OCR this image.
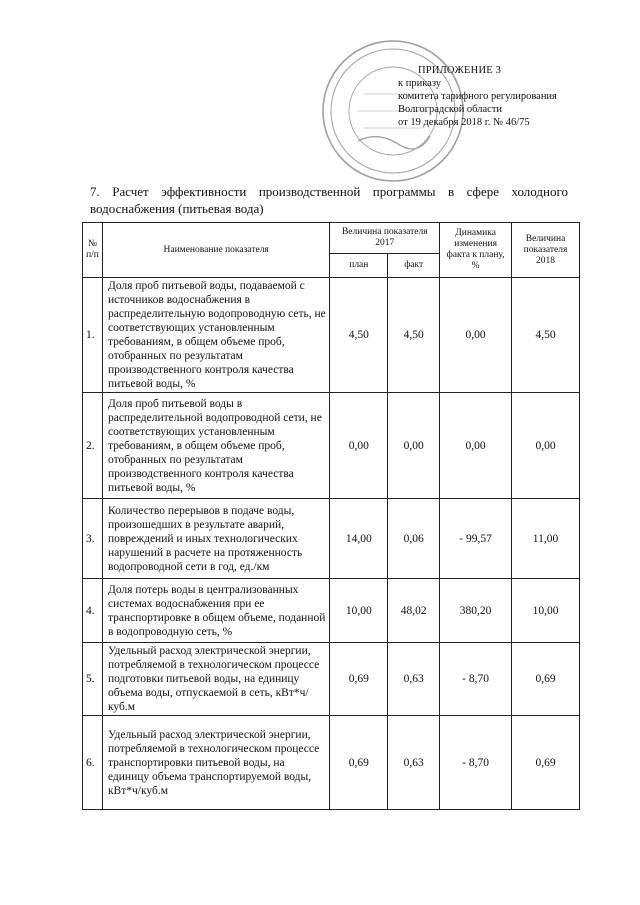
ПРИЛОЖЕНИЕ 3
к приказу
комитета тарифного регулирования
Волгоградской области
от 19 декабря 2018 г. № 46/75
7. Расчет эффективности производственной программы в сфере холодного водоснабжения (питьевая вода)
№ п/п	Наименование показателя	Величина показателя 2017		Динамика изменения факта к плану, %	Величина показателя 2018
		план	факт		
1.	Доля проб питьевой воды, подаваемой с источников водоснабжения в распределительную водопроводную сеть, не соответствующих установленным требованиям, в общем объеме проб, отобранных по результатам производственного контроля качества питьевой воды, %	4,50	4,50	0,00	4,50
2.	Доля проб питьевой воды в распределительной водопроводной сети, не соответствующих установленным требованиям, в общем объеме проб, отобранных по результатам производственного контроля качества питьевой воды, %	0,00	0,00	0,00	0,00
3.	Количество перерывов в подаче воды, произошедших в результате аварий, повреждений и иных технологических нарушений в расчете на протяженность водопроводной сети в год, ед./км	14,00	0,06	- 99,57	11,00
4.	Доля потерь воды в централизованных системах водоснабжения при ее транспортировке в общем объеме, поданной в водопроводную сеть, %	10,00	48,02	380,20	10,00
5.	Удельный расход электрической энергии, потребляемой в технологическом процессе подготовки питьевой воды, на единицу объема воды, отпускаемой в сеть, кВт*ч/куб.м	0,69	0,63	- 8,70	0,69
6.	Удельный расход электрической энергии, потребляемой в технологическом процессе транспортировки питьевой воды, на единицу объема транспортируемой воды, кВт*ч/куб.м	0,69	0,63	- 8,70	0,69
